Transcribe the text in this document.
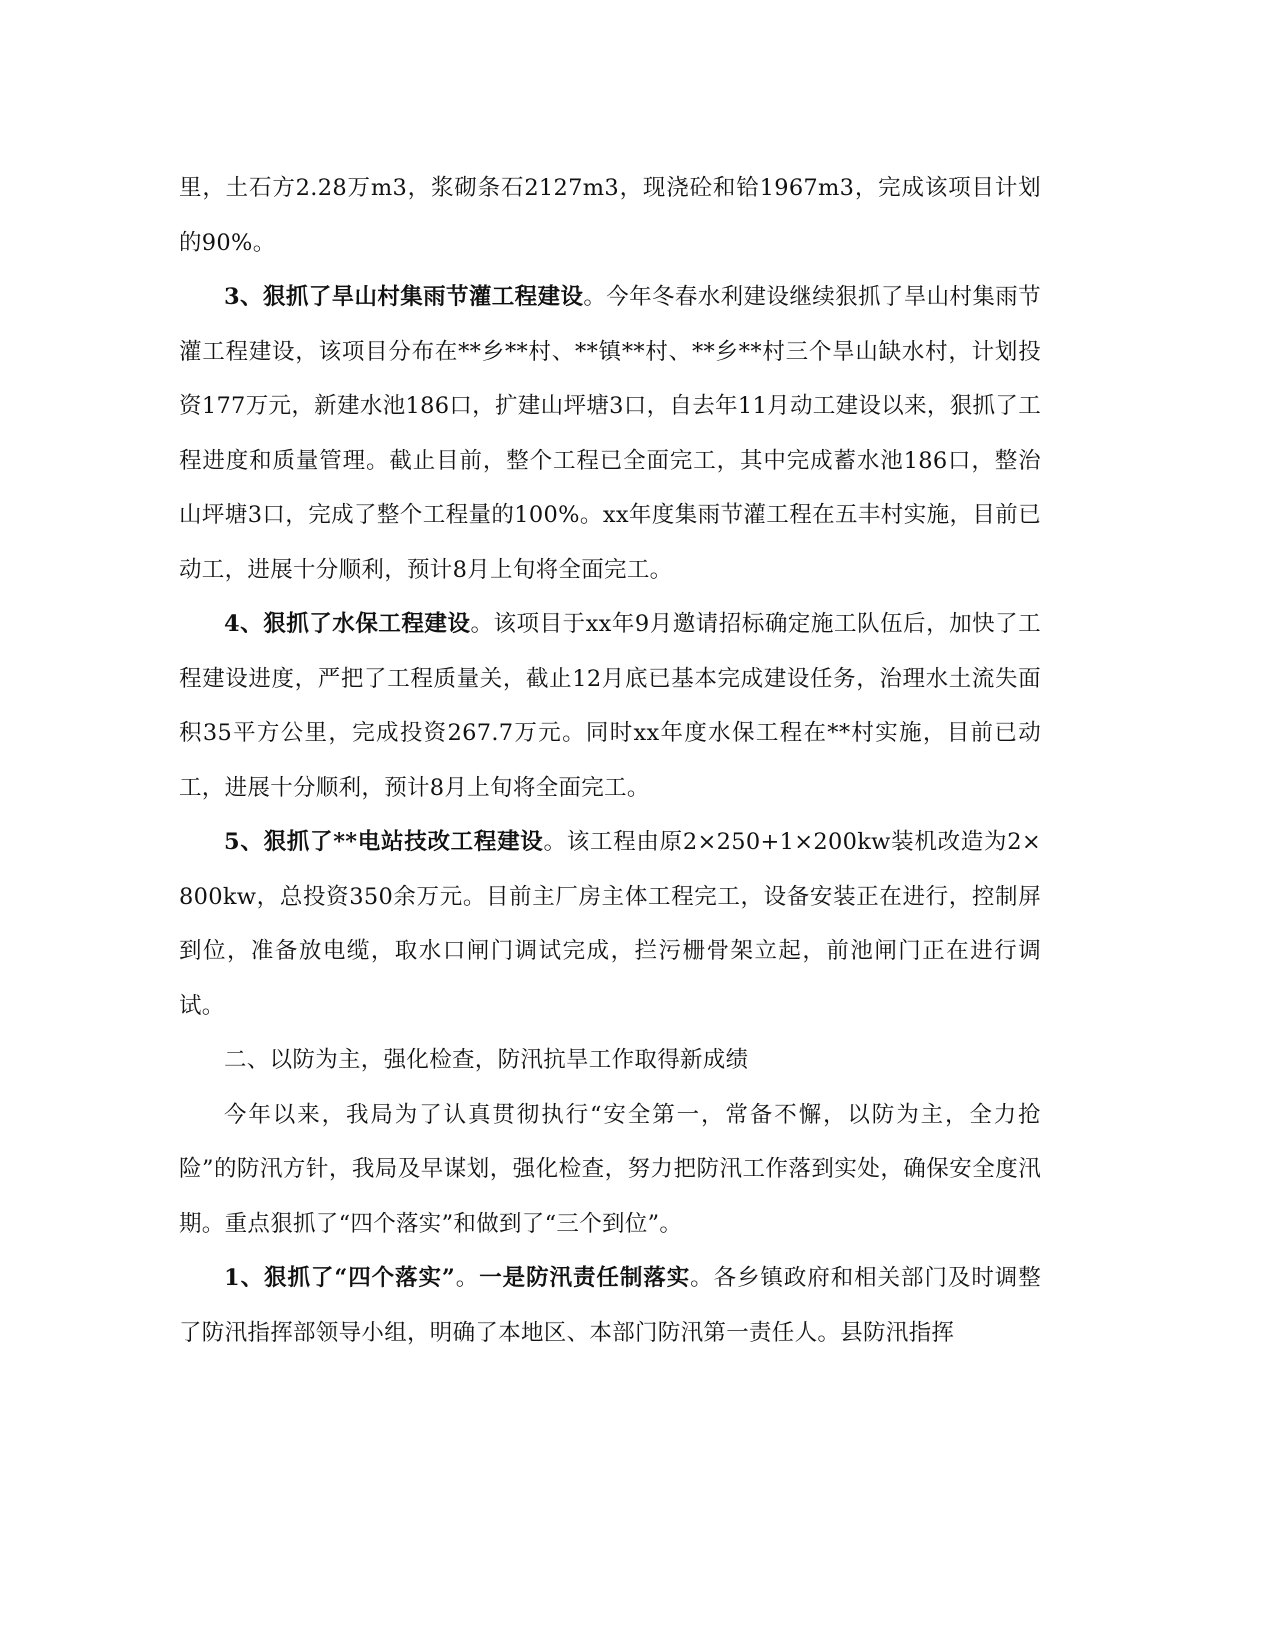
里，土石方2.28万m3，浆砌条石2127m3，现浇砼和铪1967m3，完成该项目计划的90%。

3、狠抓了旱山村集雨节灌工程建设。今年冬春水利建设继续狠抓了旱山村集雨节灌工程建设，该项目分布在**乡**村、**镇**村、**乡**村三个旱山缺水村，计划投资177万元，新建水池186口，扩建山坪塘3口，自去年11月动工建设以来，狠抓了工程进度和质量管理。截止目前，整个工程已全面完工，其中完成蓄水池186口，整治山坪塘3口，完成了整个工程量的100%。xx年度集雨节灌工程在五丰村实施，目前已动工，进展十分顺利，预计8月上旬将全面完工。

4、狠抓了水保工程建设。该项目于xx年9月邀请招标确定施工队伍后，加快了工程建设进度，严把了工程质量关，截止12月底已基本完成建设任务，治理水土流失面积35平方公里，完成投资267.7万元。同时xx年度水保工程在**村实施，目前已动工，进展十分顺利，预计8月上旬将全面完工。

5、狠抓了**电站技改工程建设。该工程由原2×250+1×200kw装机改造为2×800kw，总投资350余万元。目前主厂房主体工程完工，设备安装正在进行，控制屏到位，准备放电缆，取水口闸门调试完成，拦污栅骨架立起，前池闸门正在进行调试。

二、以防为主，强化检查，防汛抗旱工作取得新成绩

今年以来，我局为了认真贯彻执行“安全第一，常备不懈，以防为主，全力抢险”的防汛方针，我局及早谋划，强化检查，努力把防汛工作落到实处，确保安全度汛期。重点狠抓了“四个落实”和做到了“三个到位”。

1、狠抓了“四个落实”。一是防汛责任制落实。各乡镇政府和相关部门及时调整了防汛指挥部领导小组，明确了本地区、本部门防汛第一责任人。县防汛指挥
